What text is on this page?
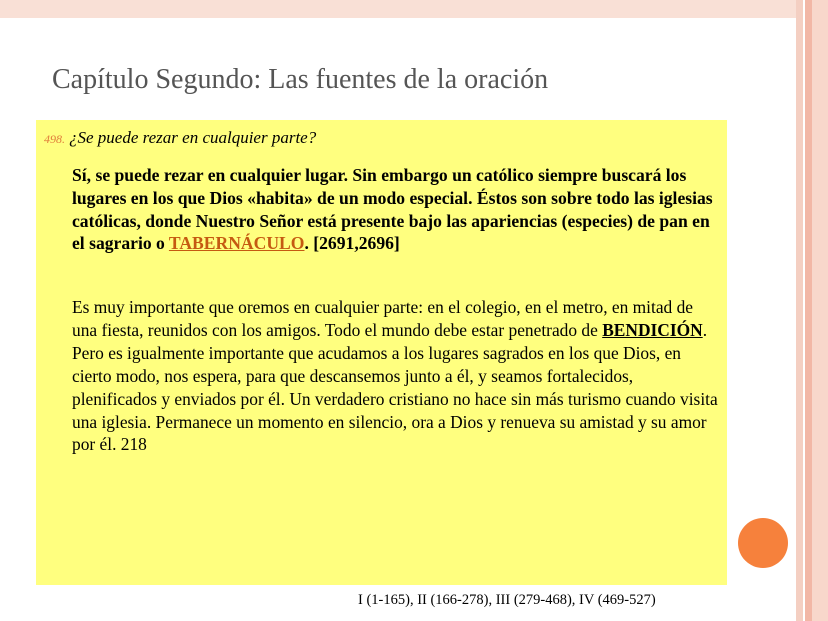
Capítulo Segundo: Las fuentes de la oración
498. ¿Se puede rezar en cualquier parte?
Sí, se puede rezar en cualquier lugar. Sin embargo un católico siempre buscará los lugares en los que Dios «habita» de un modo especial. Éstos son sobre todo las iglesias católicas, donde Nuestro Señor está presente bajo las apariencias (especies) de pan en el sagrario o TABERNÁCULO. [2691,2696]
Es muy importante que oremos en cualquier parte: en el colegio, en el metro, en mitad de una fiesta, reunidos con los amigos. Todo el mundo debe estar penetrado de BENDICIÓN. Pero es igualmente importante que acudamos a los lugares sagrados en los que Dios, en cierto modo, nos espera, para que descansemos junto a él, y seamos fortalecidos, plenificados y enviados por él. Un verdadero cristiano no hace sin más turismo cuando visita una iglesia. Permanece un momento en silencio, ora a Dios y renueva su amistad y su amor por él. 218
I (1-165), II (166-278), III (279-468), IV (469-527)
